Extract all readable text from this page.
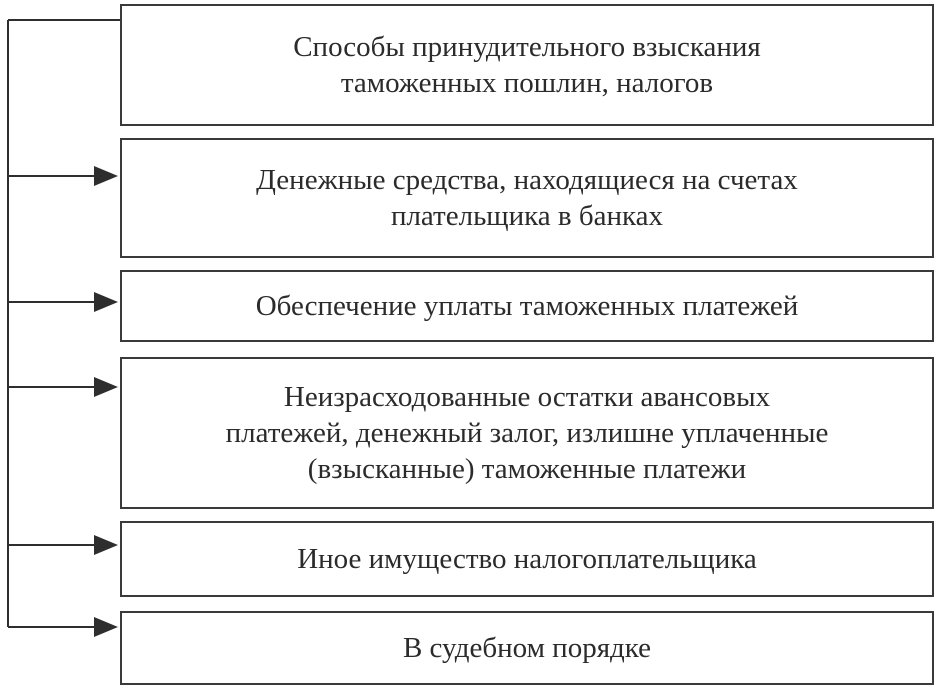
Способы принудительного взыскания
таможенных пошлин, налогов
Денежные средства, находящиеся на счетах
плательщика в банках
Обеспечение уплаты таможенных платежей
Неизрасходованные остатки авансовых
платежей, денежный залог, излишне уплаченные
(взысканные) таможенные платежи
Иное имущество налогоплательщика
В судебном порядке
